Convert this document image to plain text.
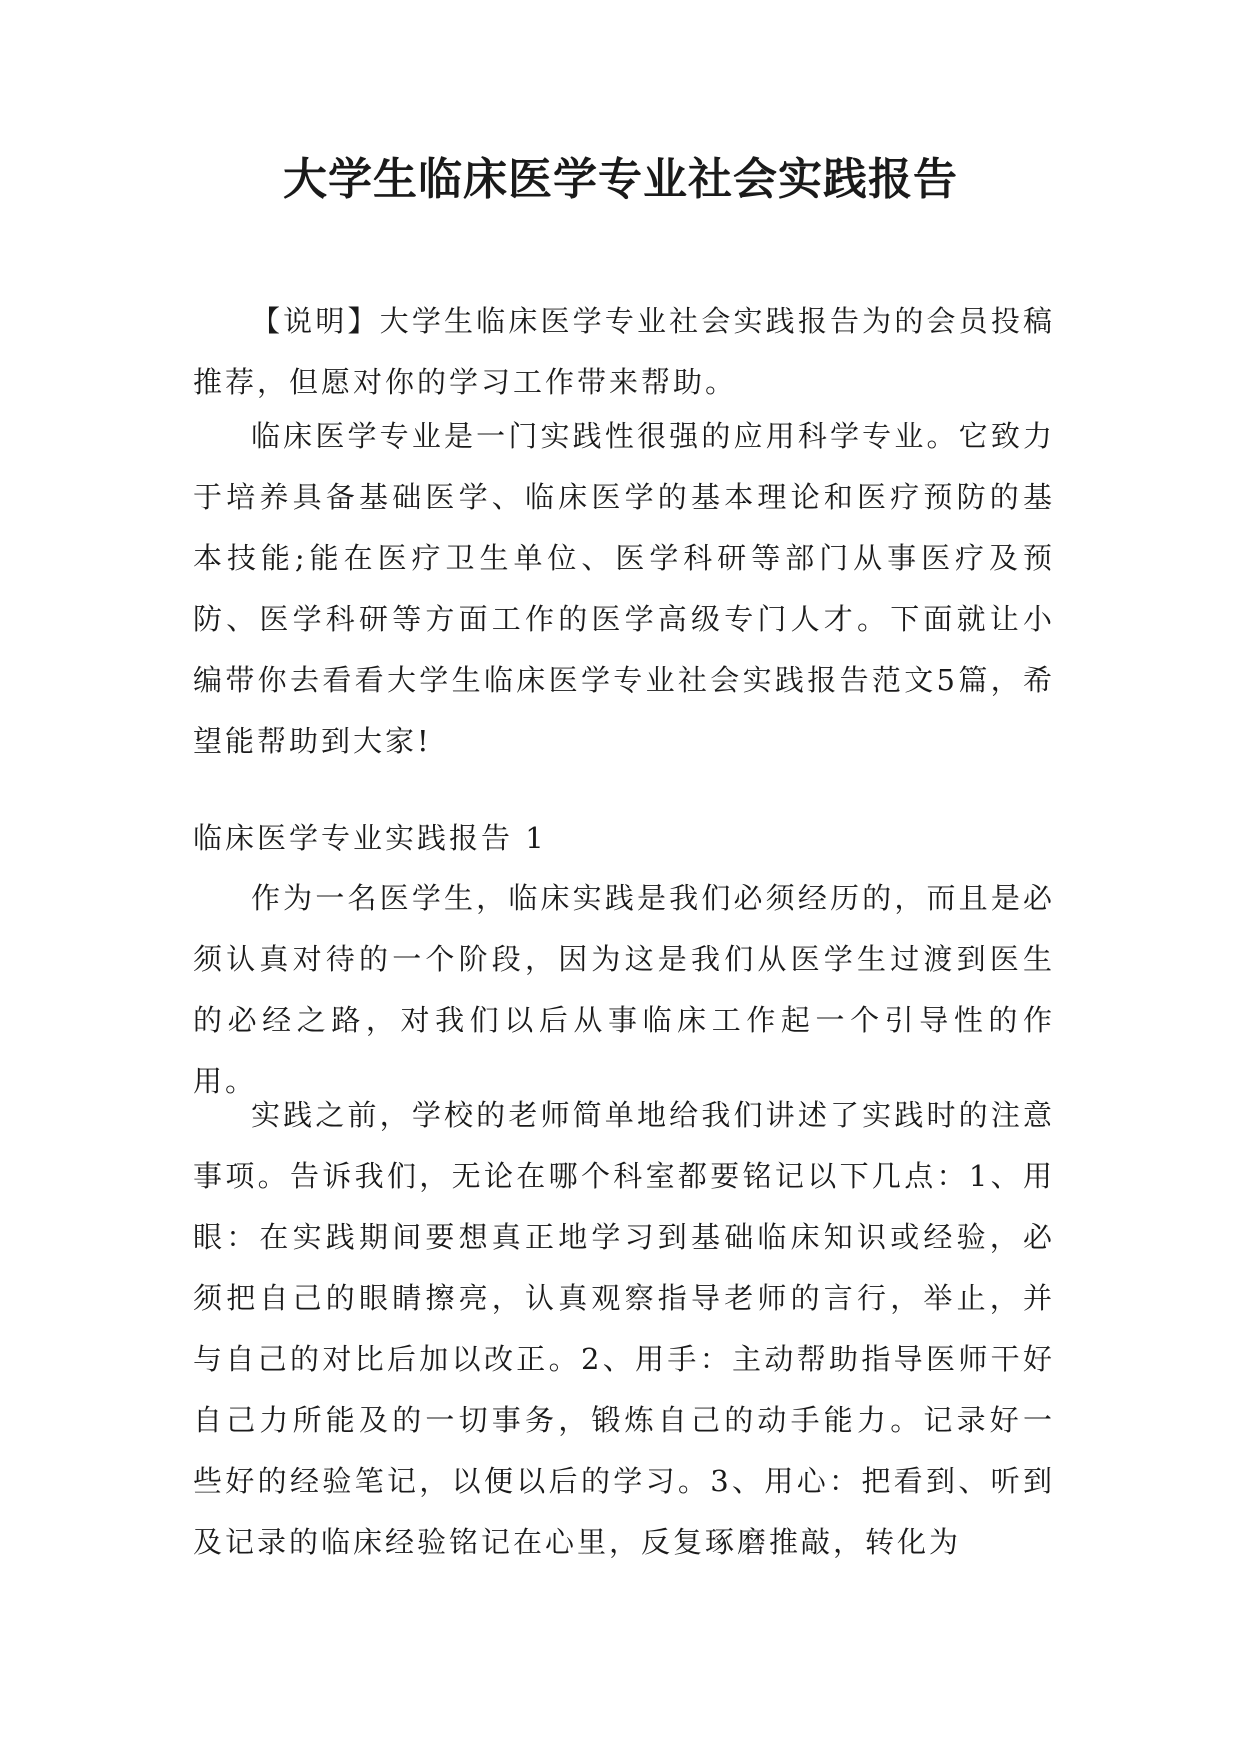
大学生临床医学专业社会实践报告

【说明】大学生临床医学专业社会实践报告为的会员投稿推荐，但愿对你的学习工作带来帮助。

临床医学专业是一门实践性很强的应用科学专业。它致力于培养具备基础医学、临床医学的基本理论和医疗预防的基本技能;能在医疗卫生单位、医学科研等部门从事医疗及预防、医学科研等方面工作的医学高级专门人才。下面就让小编带你去看看大学生临床医学专业社会实践报告范文5篇，希望能帮助到大家!

临床医学专业实践报告 1

作为一名医学生，临床实践是我们必须经历的，而且是必须认真对待的一个阶段，因为这是我们从医学生过渡到医生的必经之路，对我们以后从事临床工作起一个引导性的作用。

实践之前，学校的老师简单地给我们讲述了实践时的注意事项。告诉我们，无论在哪个科室都要铭记以下几点：1、用眼：在实践期间要想真正地学习到基础临床知识或经验，必须把自己的眼睛擦亮，认真观察指导老师的言行，举止，并与自己的对比后加以改正。2、用手：主动帮助指导医师干好自己力所能及的一切事务，锻炼自己的动手能力。记录好一些好的经验笔记，以便以后的学习。3、用心：把看到、听到及记录的临床经验铭记在心里，反复琢磨推敲，转化为
